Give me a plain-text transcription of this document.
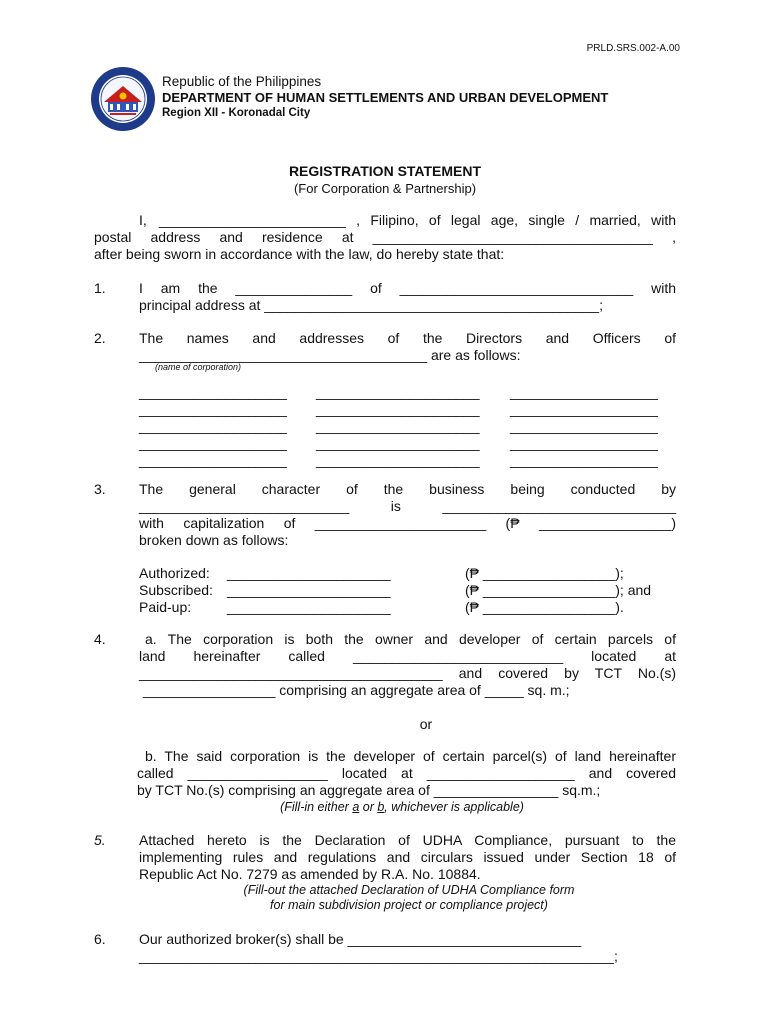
PRLD.SRS.002-A.00
Republic of the Philippines
DEPARTMENT OF HUMAN SETTLEMENTS AND URBAN DEVELOPMENT
Region XII - Koronadal City
REGISTRATION STATEMENT
(For Corporation & Partnership)
I, ________________________ , Filipino, of legal age, single / married, with
postal address and residence at ____________________________________ ,
after being sworn in accordance with the law, do hereby state that:
1. I am the _______________ of ______________________________ with
principal address at ___________________________________________;
2. The names and addresses of the Directors and Officers of
_____________________________________ are as follows:
(name of corporation)
___________________ _____________________ ___________________
___________________ _____________________ ___________________
___________________ _____________________ ___________________
___________________ _____________________ ___________________
___________________ _____________________ ___________________
3. The general character of the business being conducted by
___________________________ is ______________________________
with capitalization of ______________________ (₱ _________________)
broken down as follows:
Authorized: _____________________	(₱ _________________);
Subscribed: _____________________	(₱ _________________); and
Paid-up:	_____________________	(₱ _________________).
4.	a. The corporation is both the owner and developer of certain parcels of
land hereinafter called ___________________________ located at
_______________________________________ and covered by TCT No.(s)
_________________ comprising an aggregate area of _____ sq. m.;
or
b. The said corporation is the developer of certain parcel(s) of land hereinafter
called __________________ located at ___________________ and covered
by TCT No.(s) comprising an aggregate area of ________________ sq.m.;
(Fill-in either a or b, whichever is applicable)
5. Attached hereto is the Declaration of UDHA Compliance, pursuant to the
implementing rules and regulations and circulars issued under Section 18 of
Republic Act No. 7279 as amended by R.A. No. 10884.
(Fill-out the attached Declaration of UDHA Compliance form
for main subdivision project or compliance project)
6. Our authorized broker(s) shall be ______________________________
_____________________________________________________________;
